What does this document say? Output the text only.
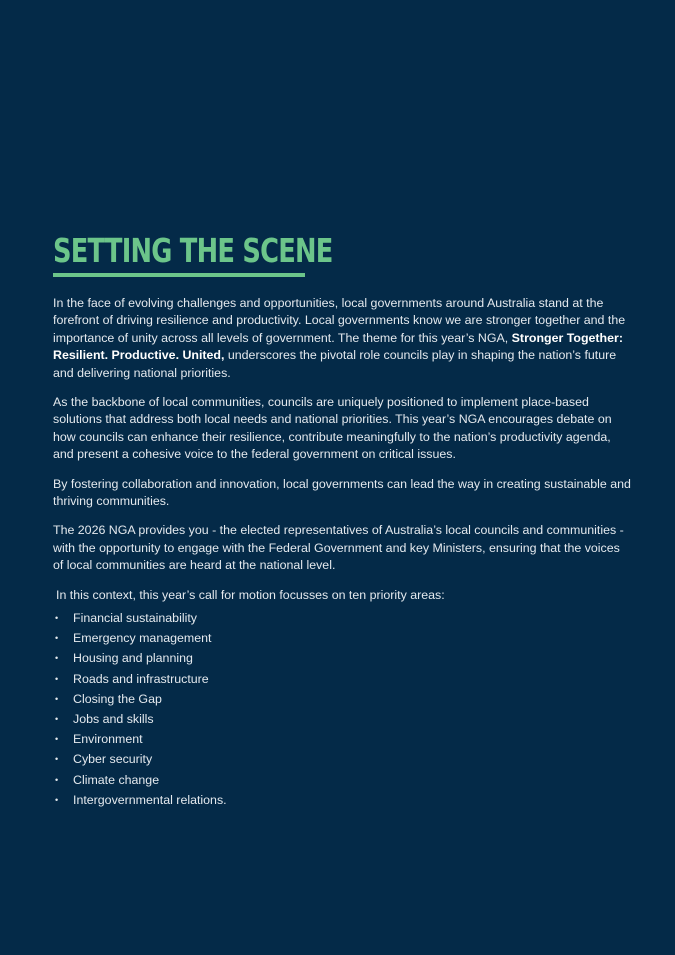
SETTING THE SCENE

In the face of evolving challenges and opportunities, local governments around Australia stand at the forefront of driving resilience and productivity. Local governments know we are stronger together and the importance of unity across all levels of government. The theme for this year’s NGA, Stronger Together: Resilient. Productive. United, underscores the pivotal role councils play in shaping the nation’s future and delivering national priorities.

As the backbone of local communities, councils are uniquely positioned to implement place-based solutions that address both local needs and national priorities. This year’s NGA encourages debate on how councils can enhance their resilience, contribute meaningfully to the nation’s productivity agenda, and present a cohesive voice to the federal government on critical issues.

By fostering collaboration and innovation, local governments can lead the way in creating sustainable and thriving communities.

The 2026 NGA provides you - the elected representatives of Australia’s local councils and communities - with the opportunity to engage with the Federal Government and key Ministers, ensuring that the voices of local communities are heard at the national level.

In this context, this year’s call for motion focusses on ten priority areas:

• Financial sustainability
• Emergency management
• Housing and planning
• Roads and infrastructure
• Closing the Gap
• Jobs and skills
• Environment
• Cyber security
• Climate change
• Intergovernmental relations.
